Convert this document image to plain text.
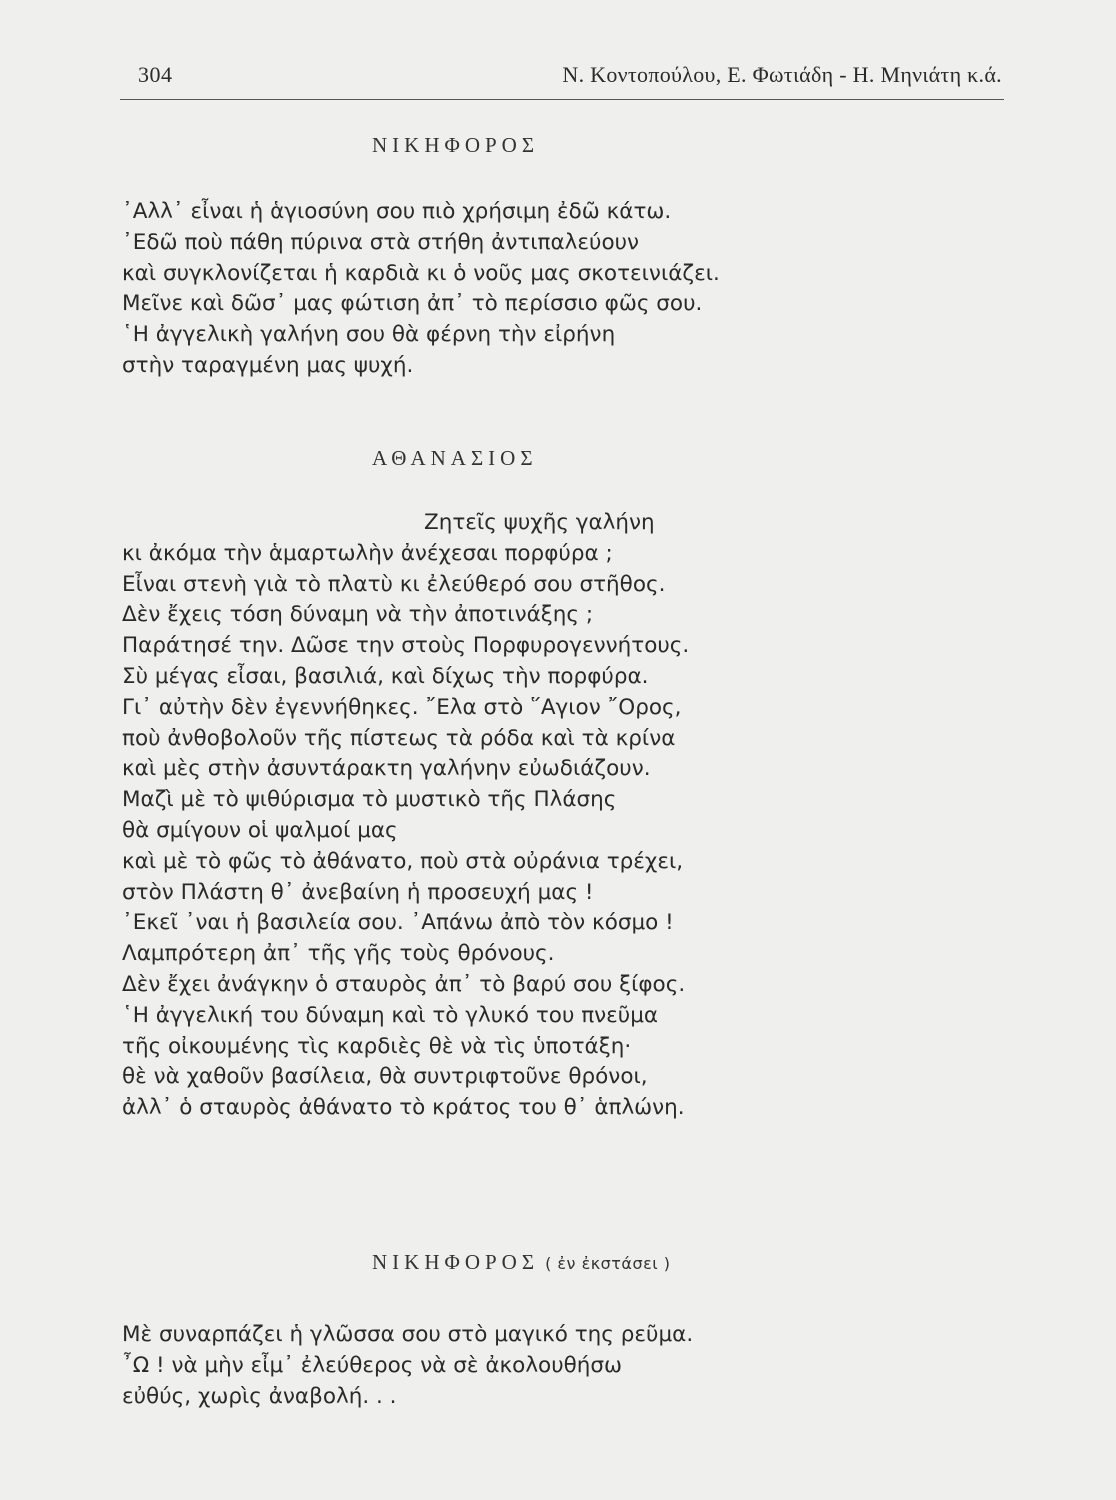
304	Ν. Κοντοπούλου, Ε. Φωτιάδη - Η. Μηνιάτη κ.ά.
ΝΙΚΗΦΟΡΟΣ
᾿Αλλ᾿ εἶναι ἡ ἁγιοσύνη σου πιὸ χρήσιμη ἐδῶ κάτω.
᾿Εδῶ ποὺ πάθη πύρινα στὰ στήθη ἀντιπαλεύουν
καὶ συγκλονίζεται ἡ καρδιὰ κι ὁ νοῦς μας σκοτεινιάζει.
Μεῖνε καὶ δῶσ᾿ μας φώτιση ἀπ᾿ τὸ περίσσιο φῶς σου.
῾Η ἀγγελικὴ γαλήνη σου θὰ φέρνη τὴν εἰρήνη
στὴν ταραγμένη μας ψυχή.
ΑΘΑΝΑΣΙΟΣ
Ζητεῖς ψυχῆς γαλήνη
κι ἀκόμα τὴν ἁμαρτωλὴν ἀνέχεσαι πορφύρα ;
Εἶναι στενὴ γιὰ τὸ πλατὺ κι ἐλεύθερό σου στῆθος.
Δὲν ἔχεις τόση δύναμη νὰ τὴν ἀποτινάξης ;
Παράτησέ την. Δῶσε την στοὺς Πορφυρογεννήτους.
Σὺ μέγας εἶσαι, βασιλιά, καὶ δίχως τὴν πορφύρα.
Γι᾿ αὐτὴν δὲν ἐγεννήθηκες. ῎Ελα στὸ ῞Αγιον ῎Ορος,
ποὺ ἀνθοβολοῦν τῆς πίστεως τὰ ρόδα καὶ τὰ κρίνα
καὶ μὲς στὴν ἀσυντάρακτη γαλήνην εὐωδιάζουν.
Μαζὶ μὲ τὸ ψιθύρισμα τὸ μυστικὸ τῆς Πλάσης
θὰ σμίγουν οἱ ψαλμοί μας
καὶ μὲ τὸ φῶς τὸ ἀθάνατο, ποὺ στὰ οὐράνια τρέχει,
στὸν Πλάστη θ᾿ ἀνεβαίνη ἡ προσευχή μας !
᾿Εκεῖ ᾿ναι ἡ βασιλεία σου. ᾿Απάνω ἀπὸ τὸν κόσμο !
Λαμπρότερη ἀπ᾿ τῆς γῆς τοὺς θρόνους.
Δὲν ἔχει ἀνάγκην ὁ σταυρὸς ἀπ᾿ τὸ βαρύ σου ξίφος.
῾Η ἀγγελική του δύναμη καὶ τὸ γλυκό του πνεῦμα
τῆς οἰκουμένης τὶς καρδιὲς θὲ νὰ τὶς ὑποτάξη·
θὲ νὰ χαθοῦν βασίλεια, θὰ συντριφτοῦνε θρόνοι,
ἀλλ᾿ ὁ σταυρὸς ἀθάνατο τὸ κράτος του θ᾿ ἁπλώνη.
ΝΙΚΗΦΟΡΟΣ ( ἐν ἐκστάσει )
Μὲ συναρπάζει ἡ γλῶσσα σου στὸ μαγικό της ρεῦμα.
῏Ω ! νὰ μὴν εἶμ᾿ ἐλεύθερος νὰ σὲ ἀκολουθήσω
εὐθύς, χωρὶς ἀναβολή. . .
